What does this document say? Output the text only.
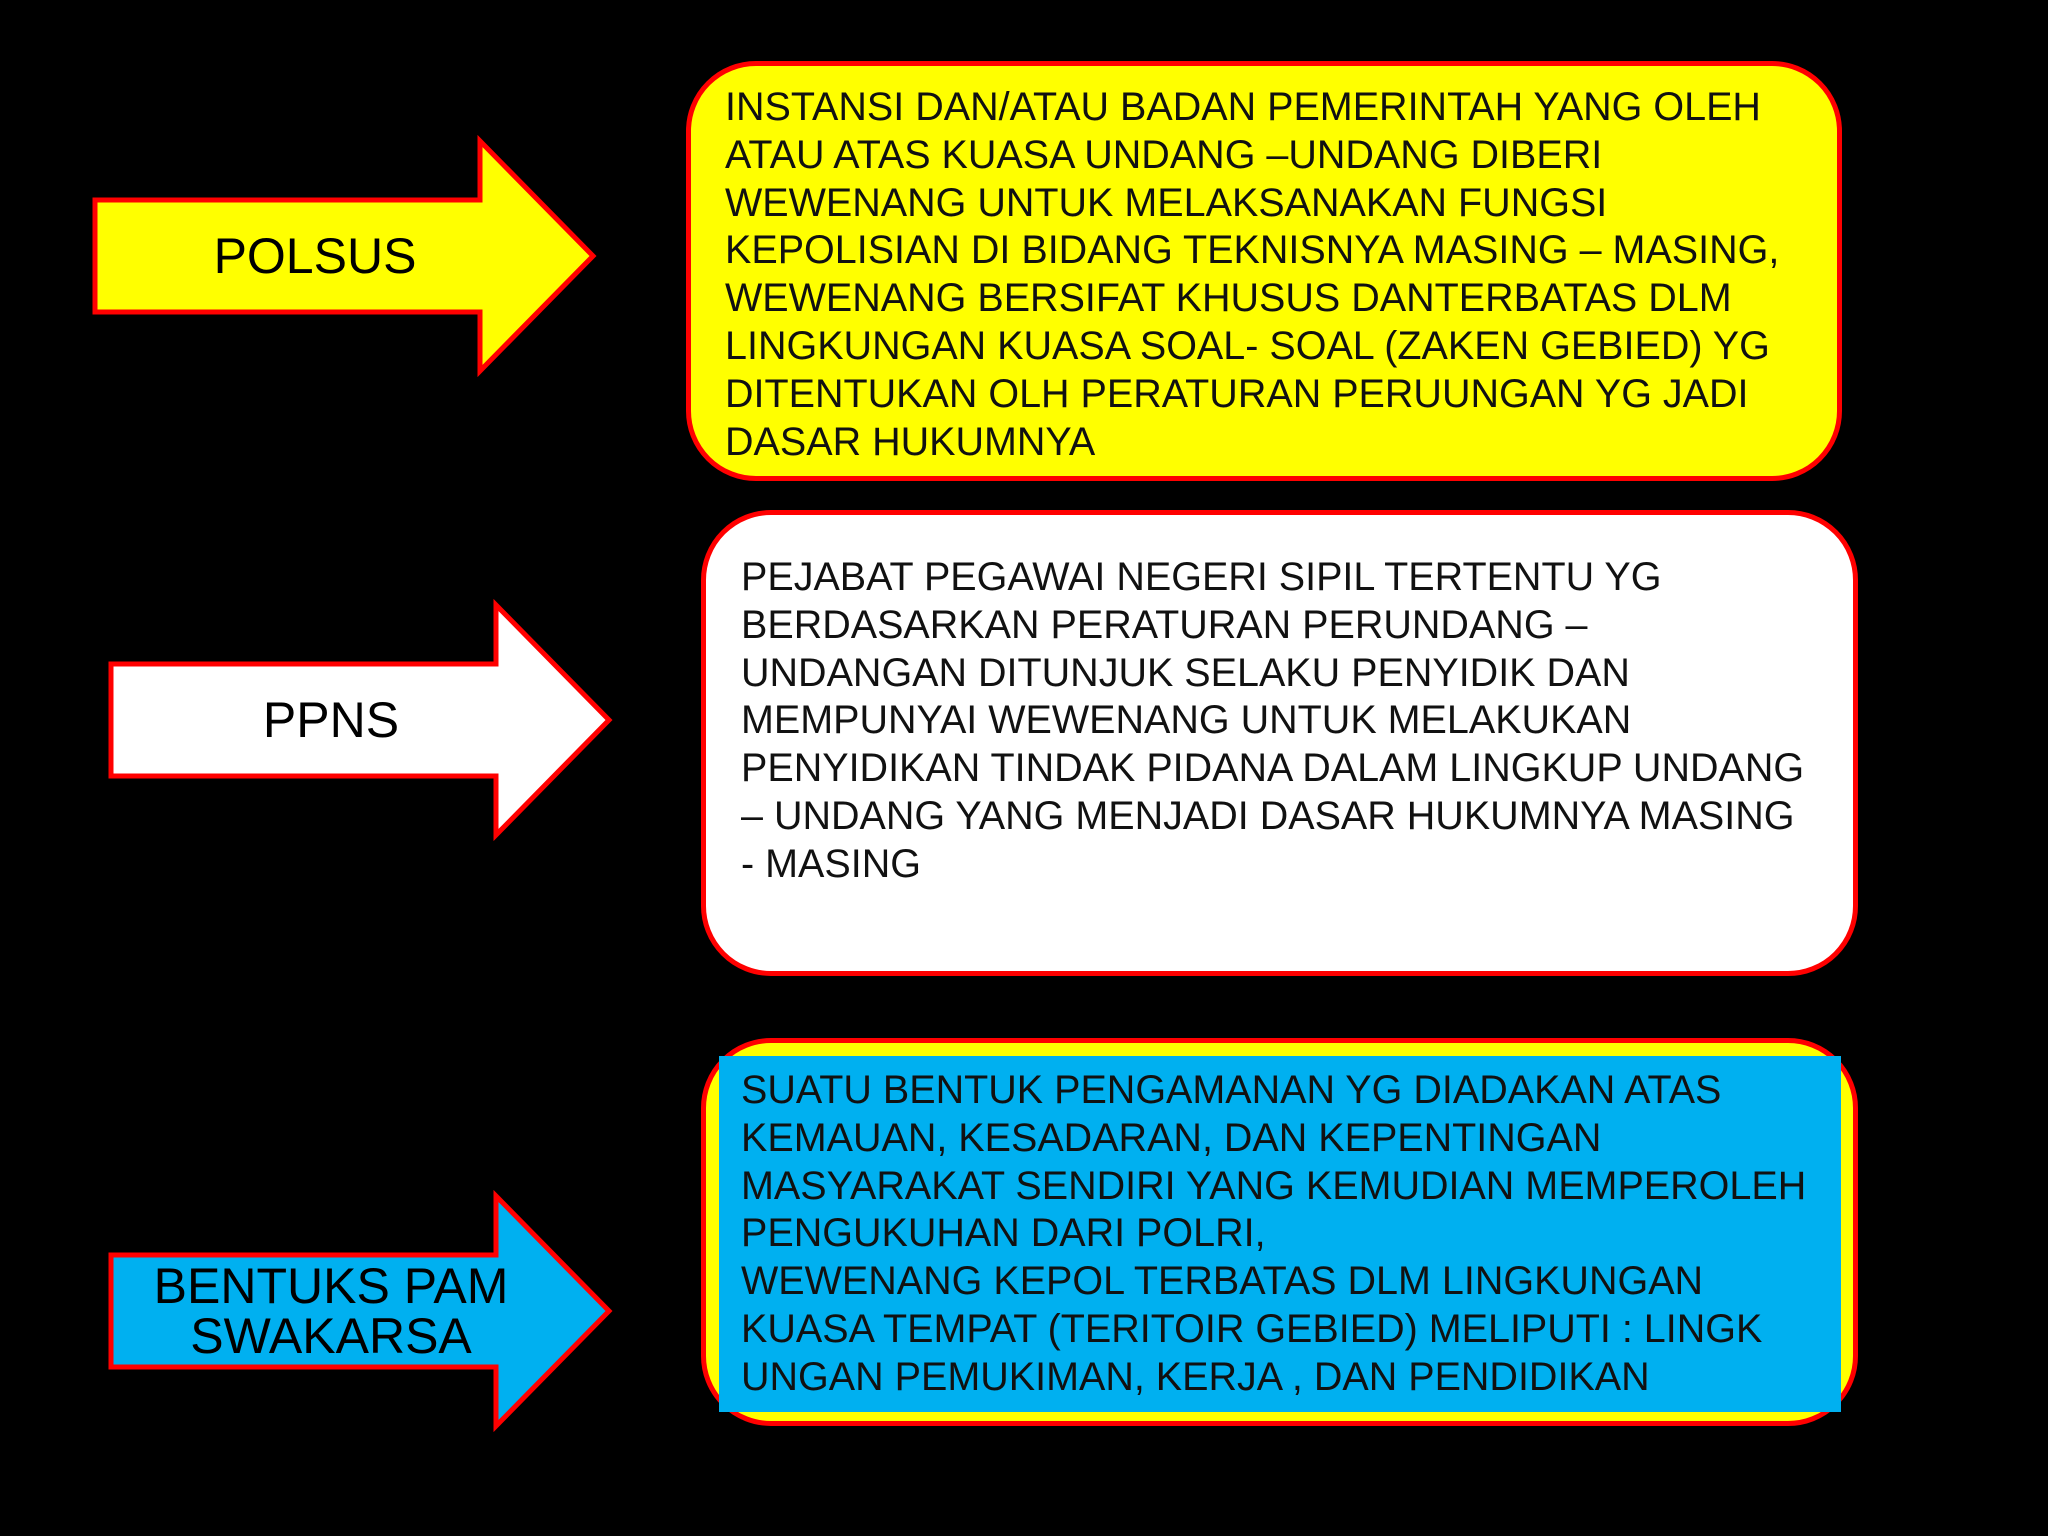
POLSUS
INSTANSI DAN/ATAU BADAN PEMERINTAH YANG OLEH
ATAU ATAS KUASA UNDANG –UNDANG DIBERI
WEWENANG UNTUK MELAKSANAKAN FUNGSI
KEPOLISIAN DI BIDANG TEKNISNYA MASING – MASING,
WEWENANG BERSIFAT KHUSUS DANTERBATAS DLM
LINGKUNGAN KUASA SOAL- SOAL (ZAKEN GEBIED) YG
DITENTUKAN OLH PERATURAN PERUUNGAN YG JADI
DASAR HUKUMNYA
PPNS
PEJABAT PEGAWAI NEGERI SIPIL TERTENTU YG
BERDASARKAN PERATURAN PERUNDANG –
UNDANGAN DITUNJUK SELAKU PENYIDIK DAN
MEMPUNYAI WEWENANG UNTUK MELAKUKAN
PENYIDIKAN TINDAK PIDANA DALAM LINGKUP UNDANG
– UNDANG YANG MENJADI DASAR HUKUMNYA MASING
- MASING
BENTUKS PAM
SWAKARSA
SUATU BENTUK PENGAMANAN YG DIADAKAN ATAS
KEMAUAN, KESADARAN, DAN KEPENTINGAN
MASYARAKAT SENDIRI YANG KEMUDIAN MEMPEROLEH
PENGUKUHAN DARI POLRI,
WEWENANG KEPOL TERBATAS DLM LINGKUNGAN
KUASA TEMPAT (TERITOIR GEBIED) MELIPUTI : LINGK
UNGAN PEMUKIMAN, KERJA , DAN PENDIDIKAN
